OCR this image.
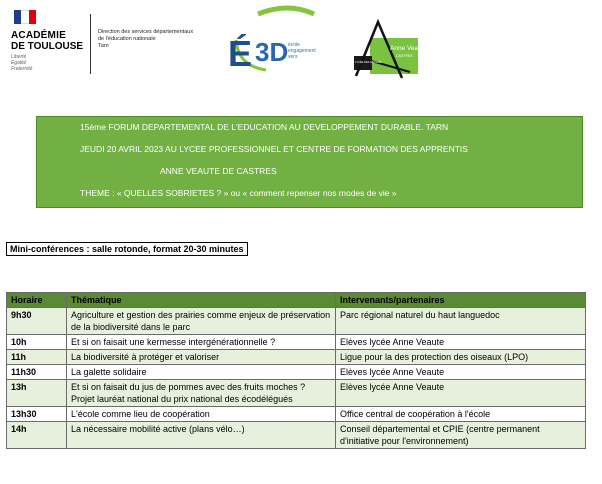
ACADÉMIE
DE TOULOUSE
Liberté
Égalité
Fraternité
Direction des services départementaux
de l'éducation nationale
Tarn	É 3D école
engagement
vers
Anne Veaute
CASTRES
LYCÉE DES MÉTIERS
15ème FORUM DEPARTEMENTAL DE L'EDUCATION AU DEVELOPPEMENT DURABLE. TARN
JEUDI 20 AVRIL 2023 AU LYCEE PROFESSIONNEL ET CENTRE DE FORMATION DES APPRENTIS
ANNE VEAUTE DE CASTRES
THEME : « QUELLES SOBRIETES ? » ou « comment repenser nos modes de vie »
Mini-conférences : salle rotonde, format 20-30 minutes
Horaire	Thématique	Intervenants/partenaires
9h30	Agriculture et gestion des prairies comme enjeux de préservation de la biodiversité dans le parc	Parc régional naturel du haut languedoc
10h	Et si on faisait une kermesse intergénérationnelle ?	Elèves lycée Anne Veaute
11h	La biodiversité à protéger et valoriser	Ligue pour la des protection des oiseaux (LPO)
11h30	La galette solidaire	Elèves lycée Anne Veaute
13h	Et si on faisait du jus de pommes avec des fruits moches ? Projet lauréat national du prix national des écodélégués	Elèves lycée Anne Veaute
13h30	L'école comme lieu de coopération	Office central de coopération à l'école
14h	La nécessaire mobilité active (plans vélo…)	Conseil départemental et CPIE (centre permanent d'initiative pour l'environnement)
